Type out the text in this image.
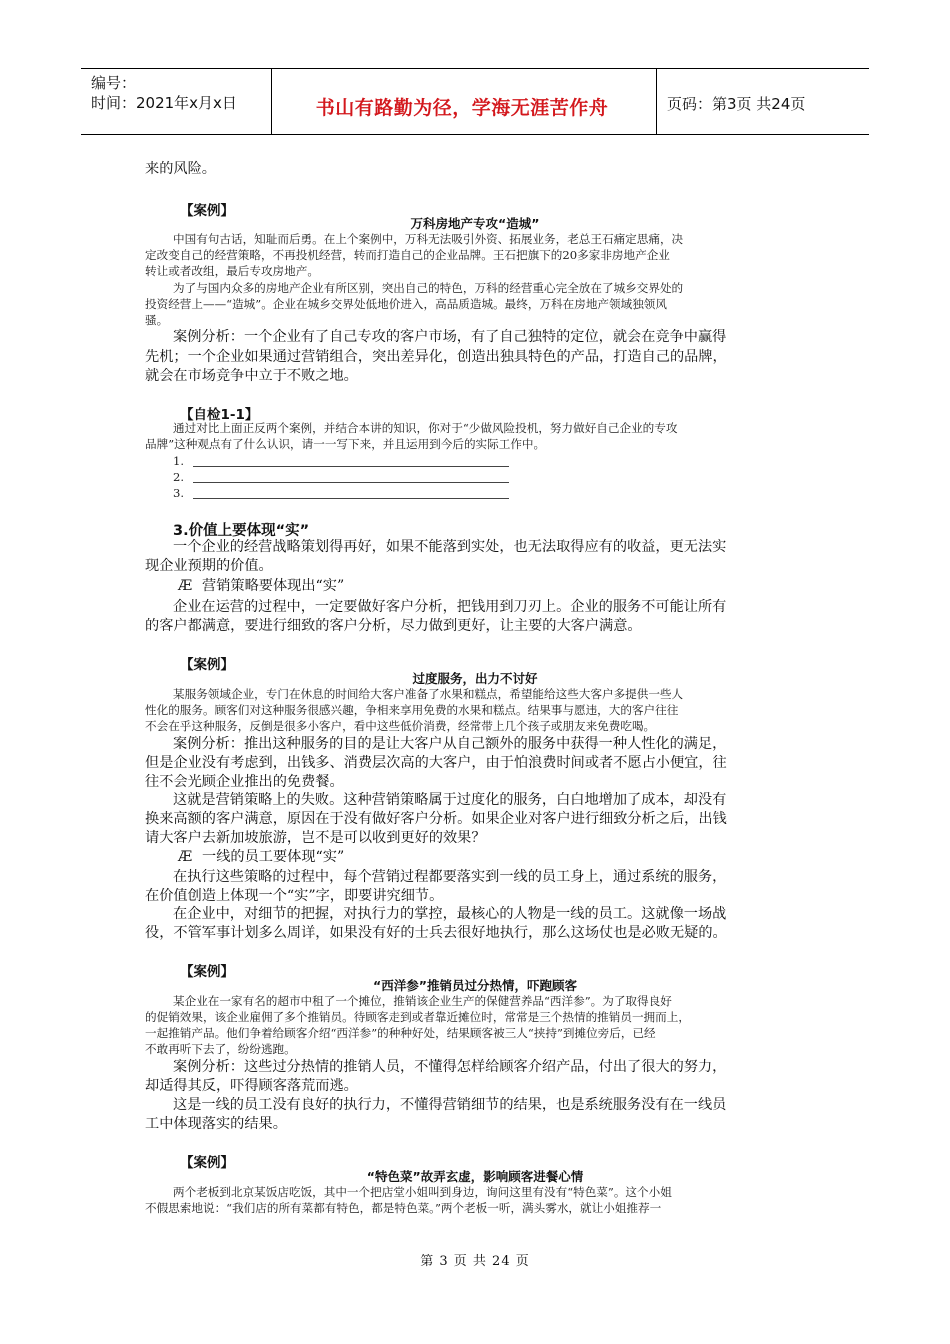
编号：
时间：2021年x月x日	书山有路勤为径，学海无涯苦作舟	页码：第3页 共24页
来的风险。
【案例】
万科房地产专攻“造城”
中国有句古话，知耻而后勇。在上个案例中，万科无法吸引外资、拓展业务，老总王石痛定思痛，决
定改变自己的经营策略，不再投机经营，转而打造自己的企业品牌。王石把旗下的20多家非房地产企业
转让或者改组，最后专攻房地产。
为了与国内众多的房地产企业有所区别，突出自己的特色，万科的经营重心完全放在了城乡交界处的
投资经营上——“造城”。企业在城乡交界处低地价进入，高品质造城。最终，万科在房地产领域独领风
骚。
案例分析：一个企业有了自己专攻的客户市场，有了自己独特的定位，就会在竞争中赢得
先机；一个企业如果通过营销组合，突出差异化，创造出独具特色的产品，打造自己的品牌，
就会在市场竞争中立于不败之地。
【自检1-1】
通过对比上面正反两个案例，并结合本讲的知识，你对于“少做风险投机，努力做好自己企业的专攻
品牌”这种观点有了什么认识，请一一写下来，并且运用到今后的实际工作中。
1.
2.
3.
3.价值上要体现“实”
一个企业的经营战略策划得再好，如果不能落到实处，也无法取得应有的收益，更无法实
现企业预期的价值。
Æ 营销策略要体现出“实”
企业在运营的过程中，一定要做好客户分析，把钱用到刀刃上。企业的服务不可能让所有
的客户都满意，要进行细致的客户分析，尽力做到更好，让主要的大客户满意。
【案例】
过度服务，出力不讨好
某服务领域企业，专门在休息的时间给大客户准备了水果和糕点，希望能给这些大客户多提供一些人
性化的服务。顾客们对这种服务很感兴趣，争相来享用免费的水果和糕点。结果事与愿违，大的客户往往
不会在乎这种服务，反倒是很多小客户，看中这些低价消费，经常带上几个孩子或朋友来免费吃喝。
案例分析：推出这种服务的目的是让大客户从自己额外的服务中获得一种人性化的满足，
但是企业没有考虑到，出钱多、消费层次高的大客户，由于怕浪费时间或者不愿占小便宜，往
往不会光顾企业推出的免费餐。
这就是营销策略上的失败。这种营销策略属于过度化的服务，白白地增加了成本，却没有
换来高额的客户满意，原因在于没有做好客户分析。如果企业对客户进行细致分析之后，出钱
请大客户去新加坡旅游，岂不是可以收到更好的效果？
Æ 一线的员工要体现“实”
在执行这些策略的过程中，每个营销过程都要落实到一线的员工身上，通过系统的服务，
在价值创造上体现一个“实”字，即要讲究细节。
在企业中，对细节的把握，对执行力的掌控，最核心的人物是一线的员工。这就像一场战
役，不管军事计划多么周详，如果没有好的士兵去很好地执行，那么这场仗也是必败无疑的。
【案例】
“西洋参”推销员过分热情，吓跑顾客
某企业在一家有名的超市中租了一个摊位，推销该企业生产的保健营养品“西洋参”。为了取得良好
的促销效果，该企业雇佣了多个推销员。待顾客走到或者靠近摊位时，常常是三个热情的推销员一拥而上，
一起推销产品。他们争着给顾客介绍“西洋参”的种种好处，结果顾客被三人“挟持”到摊位旁后，已经
不敢再听下去了，纷纷逃跑。
案例分析：这些过分热情的推销人员，不懂得怎样给顾客介绍产品，付出了很大的努力，
却适得其反，吓得顾客落荒而逃。
这是一线的员工没有良好的执行力，不懂得营销细节的结果，也是系统服务没有在一线员
工中体现落实的结果。
【案例】
“特色菜”故弄玄虚，影响顾客进餐心情
两个老板到北京某饭店吃饭，其中一个把店堂小姐叫到身边，询问这里有没有“特色菜”。这个小姐
不假思索地说：“我们店的所有菜都有特色，都是特色菜。”两个老板一听，满头雾水，就让小姐推荐一
第 3 页 共 24 页
